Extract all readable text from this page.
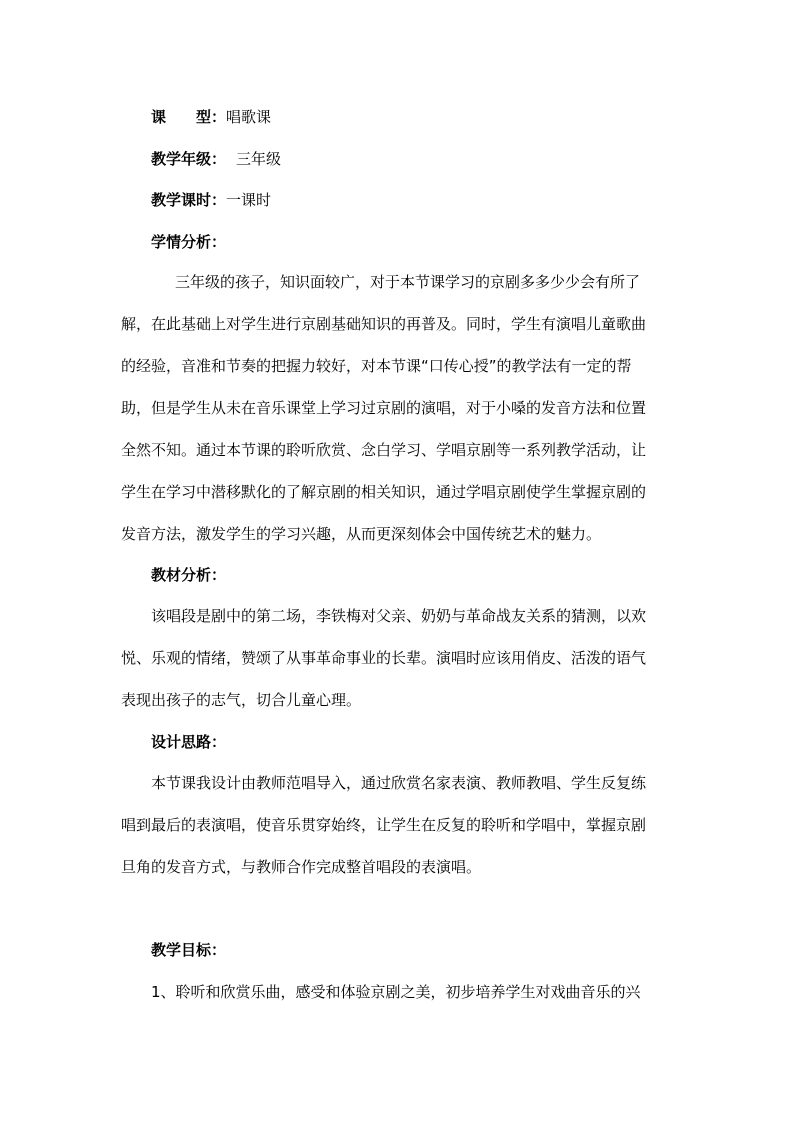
课 型：唱歌课
教学年级： 三年级
教学课时：一课时
学情分析：
三年级的孩子，知识面较广，对于本节课学习的京剧多多少少会有所了
解，在此基础上对学生进行京剧基础知识的再普及。同时，学生有演唱儿童歌曲
的经验，音准和节奏的把握力较好，对本节课“口传心授”的教学法有一定的帮
助，但是学生从未在音乐课堂上学习过京剧的演唱，对于小嗓的发音方法和位置
全然不知。通过本节课的聆听欣赏、念白学习、学唱京剧等一系列教学活动，让
学生在学习中潜移默化的了解京剧的相关知识，通过学唱京剧使学生掌握京剧的
发音方法，激发学生的学习兴趣，从而更深刻体会中国传统艺术的魅力。
教材分析：
该唱段是剧中的第二场，李铁梅对父亲、奶奶与革命战友关系的猜测，以欢
悦、乐观的情绪，赞颂了从事革命事业的长辈。演唱时应该用俏皮、活泼的语气
表现出孩子的志气，切合儿童心理。
设计思路：
本节课我设计由教师范唱导入，通过欣赏名家表演、教师教唱、学生反复练
唱到最后的表演唱，使音乐贯穿始终，让学生在反复的聆听和学唱中，掌握京剧
旦角的发音方式，与教师合作完成整首唱段的表演唱。
教学目标：
1、聆听和欣赏乐曲，感受和体验京剧之美，初步培养学生对戏曲音乐的兴
